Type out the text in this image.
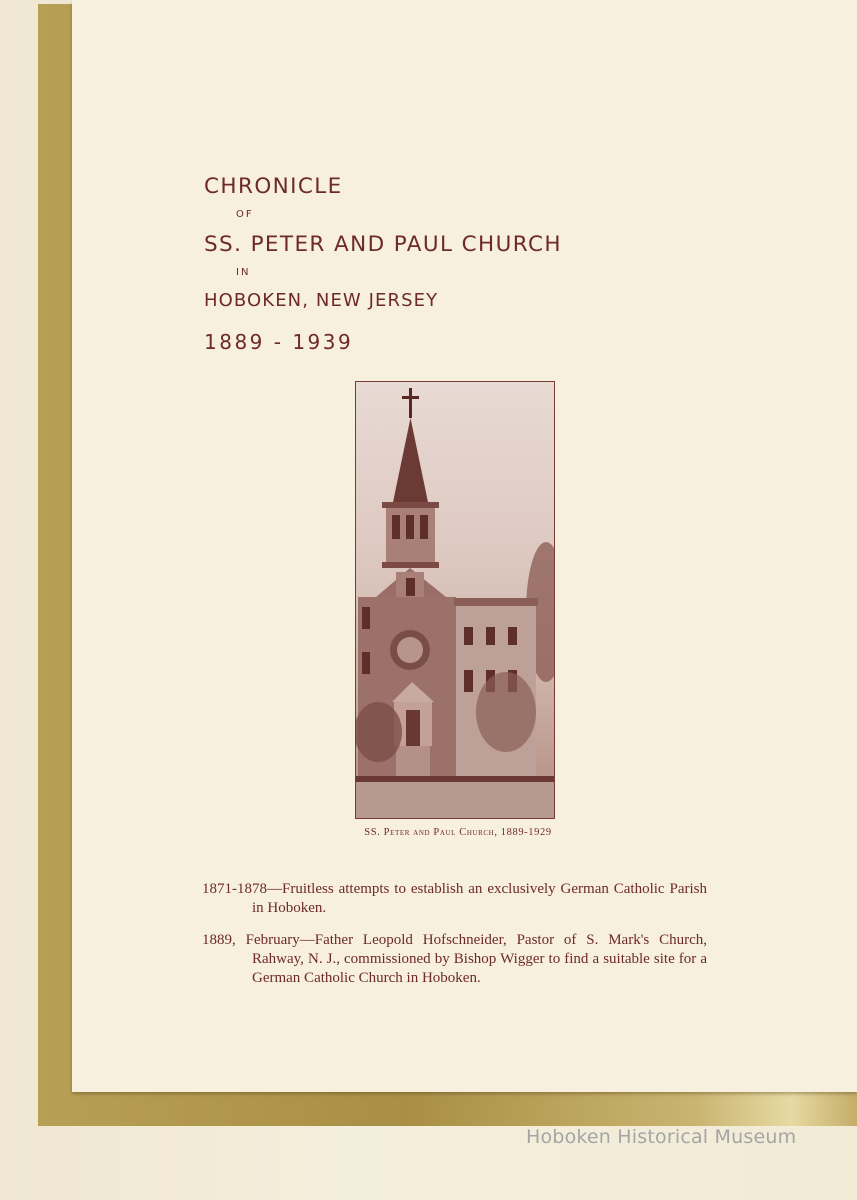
CHRONICLE

OF

SS. PETER AND PAUL CHURCH

IN

HOBOKEN, NEW JERSEY

1889 - 1939

SS. Peter and Paul Church, 1889-1929

1871-1878—Fruitless attempts to establish an exclusively German Catholic Parish in Hoboken.

1889, February—Father Leopold Hofschneider, Pastor of S. Mark's Church, Rahway, N. J., commissioned by Bishop Wigger to find a suitable site for a German Catholic Church in Hoboken.

Hoboken Historical Museum
